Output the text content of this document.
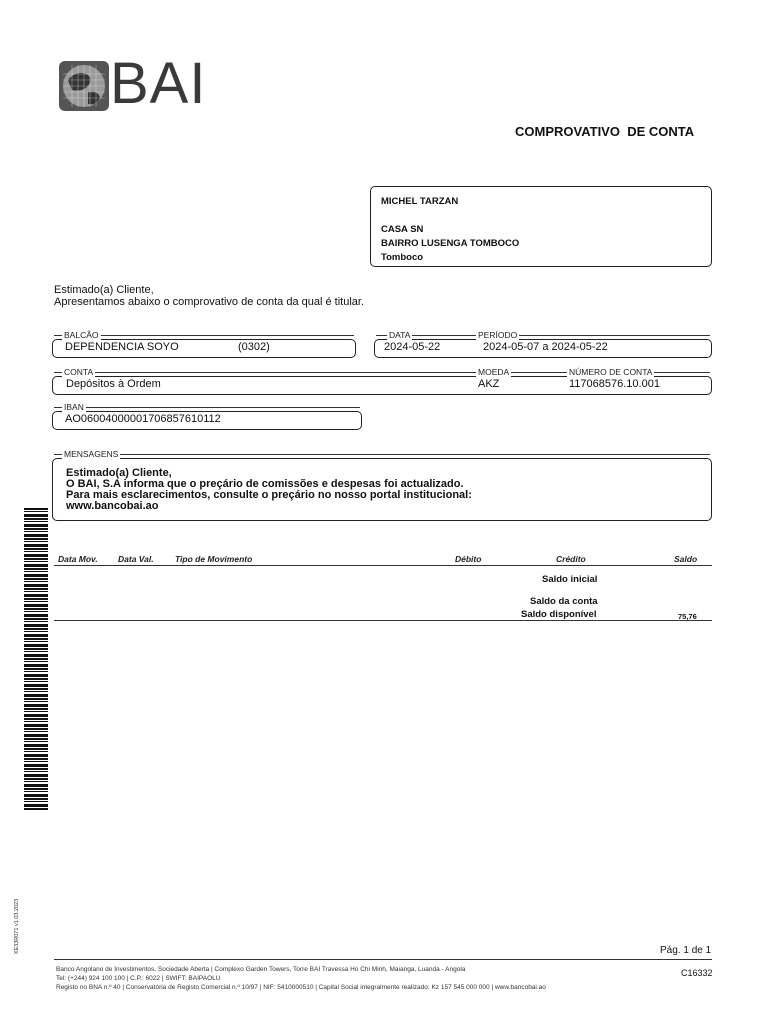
BAI
COMPROVATIVO  DE CONTA
MICHEL TARZAN
CASA SN
BAIRRO LUSENGA TOMBOCO
Tomboco
Estimado(a) Cliente,
Apresentamos abaixo o comprovativo de conta da qual é titular.
BALCÃO
DEPENDENCIA SOYO	(0302)
DATA	PERÍODO
2024-05-22	2024-05-07 a 2024-05-22
CONTA	MOEDA	NÚMERO DE CONTA
Depósitos à Ordem	AKZ	117068576.10.001
IBAN
AO06004000001706857610112
MENSAGENS
Estimado(a) Cliente,
O BAI, S.A informa que o preçário de comissões e despesas foi actualizado.
Para mais esclarecimentos, consulte o preçário no nosso portal institucional:
www.bancobai.ao
Data Mov. Data Val.	Tipo de Movimento	Débito	Crédito	Saldo
Saldo inicial
Saldo da conta
Saldo disponível	75,76
XE33R071 v1 03.2023	Pág. 1 de 1
C16332
Banco Angolano de Investimentos, Sociedade Aberta | Complexo Garden Towers, Torre BAI Travessa Ho Chi Minh, Maianga, Luanda - Angola
Tel: (+244) 924 100 100 | C.P.: 6022 | SWIFT: BAIPAOLU
Registo no BNA n.º 40 | Conservatória de Registo Comercial n.º 10/97 | NIF: 5410000510 | Capital Social integralmente realizado: Kz 157 545 000 000 | www.bancobai.ao
